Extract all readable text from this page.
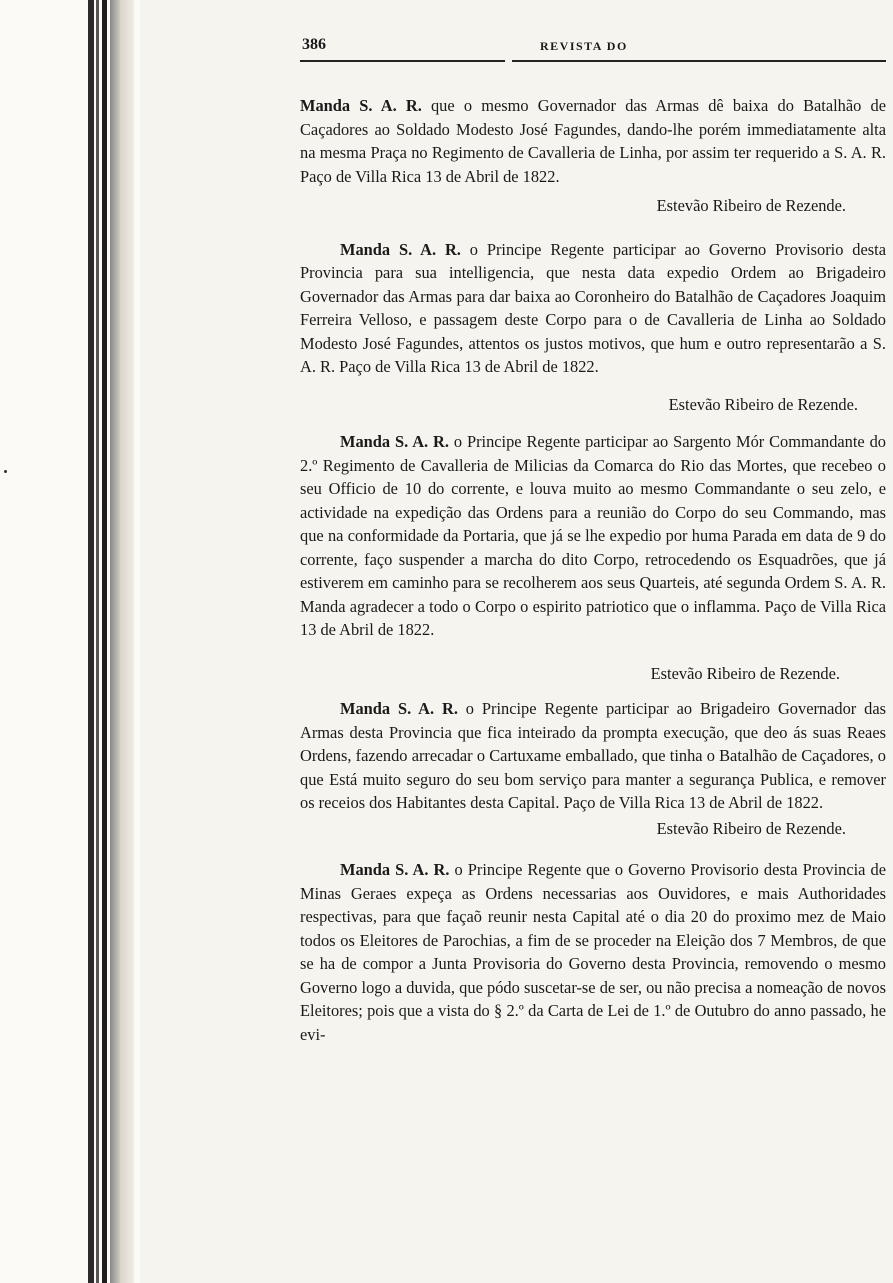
386	REVISTA DO

Manda S. A. R. que o mesmo Governador das Armas dê baixa do Batalhão de Caçadores ao Soldado Modesto José Fagundes, dando-lhe porém immediatamente alta na mesma Praça no Regimento de Cavalleria de Linha, por assim ter requerido a S. A. R. Paço de Villa Rica 13 de Abril de 1822.

Estevão Ribeiro de Rezende.

Manda S. A. R. o Principe Regente participar ao Governo Provisorio desta Provincia para sua intelligencia, que nesta data expedio Ordem ao Brigadeiro Governador das Armas para dar baixa ao Coronheiro do Batalhão de Caçadores Joaquim Ferreira Velloso, e passagem deste Corpo para o de Cavalleria de Linha ao Soldado Modesto José Fagundes, attentos os justos motivos, que hum e outro representarão a S. A. R. Paço de Villa Rica 13 de Abril de 1822.

Estevão Ribeiro de Rezende.

Manda S. A. R. o Principe Regente participar ao Sargento Mór Commandante do 2.º Regimento de Cavalleria de Milicias da Comarca do Rio das Mortes, que recebeo o seu Officio de 10 do corrente, e louva muito ao mesmo Commandante o seu zelo, e actividade na expedição das Ordens para a reunião do Corpo do seu Commando, mas que na conformidade da Portaria, que já se lhe expedio por huma Parada em data de 9 do corrente, faço suspender a marcha do dito Corpo, retrocedendo os Esquadrões, que já estiverem em caminho para se recolherem aos seus Quarteis, até segunda Ordem S. A. R. Manda agradecer a todo o Corpo o espirito patriotico que o inflamma. Paço de Villa Rica 13 de Abril de 1822.

Estevão Ribeiro de Rezende.

Manda S. A. R. o Principe Regente participar ao Brigadeiro Governador das Armas desta Provincia que fica inteirado da prompta execução, que deo ás suas Reaes Ordens, fazendo arrecadar o Cartuxame emballado, que tinha o Batalhão de Caçadores, o que Está muito seguro do seu bom serviço para manter a segurança Publica, e remover os receios dos Habitantes desta Capital. Paço de Villa Rica 13 de Abril de 1822.

Estevão Ribeiro de Rezende.

Manda S. A. R. o Principe Regente que o Governo Provisorio desta Provincia de Minas Geraes expeça as Ordens necessarias aos Ouvidores, e mais Authoridades respectivas, para que façaõ reunir nesta Capital até o dia 20 do proximo mez de Maio todos os Eleitores de Parochias, a fim de se proceder na Eleição dos 7 Membros, de que se ha de compor a Junta Provisoria do Governo desta Provincia, removendo o mesmo Governo logo a duvida, que pódo suscetar-se de ser, ou não precisa a nomeação de novos Eleitores; pois que a vista do § 2.º da Carta de Lei de 1.º de Outubro do anno passado, he evi-
